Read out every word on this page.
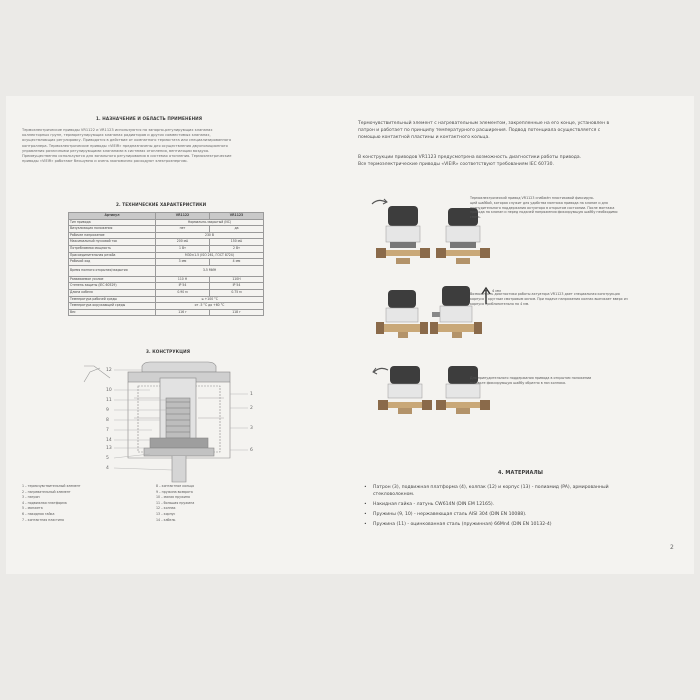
1. НАЗНАЧЕНИЕ И ОБЛАСТЬ ПРИМЕНЕНИЯ
Термоэлектрические приводы VR1122 и VR1123 используются на запорно-регулирующих клапанах
коллекторных групп, терморегулирующих клапанах радиаторов и других совместимых клапанах,
осуществляющих регулировку. Приводятся в действие от комнатного термостата или специализированного
контроллера. Термоэлектрические приводы «VIEIR» предназначены для осуществления двухпозиционного
управления различными регулирующими клапанами в системах отопления, вентиляции воздуха.
Преимущественно используются для зонального регулирования в системах отопления. Термоэлектрические
приводы «VIEIR» работают бесшумно и очень экономично расходуют электроэнергию.
2. ТЕХНИЧЕСКИЕ ХАРАКТЕРИСТИКИ
Артикул	VR1122	VR1123
Тип привода	Нормально-закрытый (NC)	
Визуализация положения	нет	да
Рабочее напряжение	230 В	
Максимальный пусковой ток	200 мА	150 мА
Потребляемая мощность	1 Вт	2 Вт
Присоединительная резьба	M30×1.5 (ISO 261, ГОСТ 8724)	
Рабочий ход	3 мм	4 мм
Время полного открытия/закрытия	3-5 МИН	
Развиваемое усилие	110 Н	110Н
Степень защиты (IEC 60529)	IP 54	IP 54
Длина кабеля	0.90 м	0.75 м
Температура рабочей среды	≤ +100 °С	
Температура окружающей среды	от -5 °С до +60 °С	
Вес	116 г	118 г
3. КОНСТРУКЦИЯ
12
10
11
9
8
7
14
13
5
4
1
2
3
6
1 – термочувствительный элемент
2 – нагревательный элемент
3 – патрон
4 – подвижная платформа
5 – манжета
6 – накидная гайка
7 – контактная пластина
8 – контактное кольцо
9 – пружина возврата
10 – малая пружина
11 – большая пружина
12 – колпак
13 – корпус
14 – кабель
Термочувствительный элемент с нагревательным элементом, закрепленные на его конце, установлен в
патрон и работает по принципу температурного расширения. Подвод потенциала осуществляется с
помощью контактной пластины и контактного кольца.
В конструкции приводов VR1123 предусмотрена возможность диагностики работы привода.
Все термоэлектрические приводы «VIEIR» соответствуют требованиям IEC 60730.
Термоэлектрический привод VR1123 снабжён пластиковой фиксирую-
щей шайбой, которая служит для удобства монтажа привода на клапан и для
принудительного поддержания актуатора в открытом состоянии. После монтажа
привода на клапан и перед подачей напряжения фиксирующую шайбу необходимо
снять.
4 мм
Возможность диагностики работы актуатора VR1123 дает специальная конструкция
корпуса с круглым смотровым окном. При подаче напряжения колпак выезжает вверх из
корпуса приблизительно на 4 мм.
Для принудительного поддержания привода в открытом положении
вставьте фиксирующую шайбу обратно в паз колпака.
4. МАТЕРИАЛЫ
• Патрон (3), подвижная платформа (4), колпак (12) и корпус (13) - полиамид (PA), армированный
стекловолокном.
• Накидная гайка - латунь CW614N (DIN EM 12165).
• Пружины (9, 10) - нержавеющая сталь AISI 304 (DIN EN 10088).
• Пружина (11) - оцинкованная сталь (пружинная) 66Mn4 (DIN EN 10132-4)
2
